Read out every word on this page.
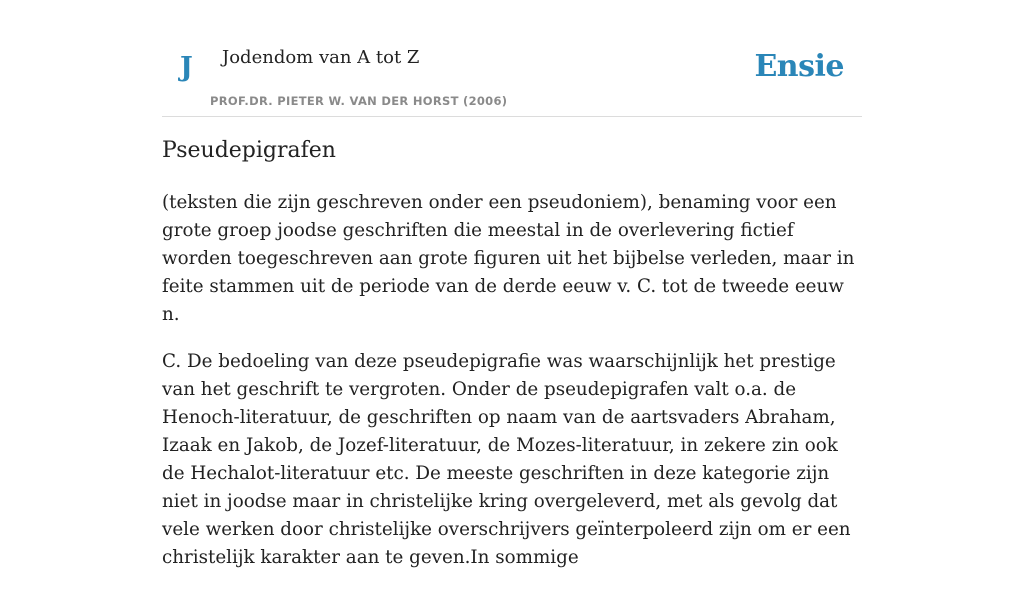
J Jodendom van A tot Z
PROF.DR. PIETER W. VAN DER HORST (2006)
Ensie
Pseudepigrafen

(teksten die zijn geschreven onder een pseudoniem), benaming voor een grote groep joodse geschriften die meestal in de overlevering fictief worden toegeschreven aan grote figuren uit het bijbelse verleden, maar in feite stammen uit de periode van de derde eeuw v. C. tot de tweede eeuw n.

C. De bedoeling van deze pseudepigrafie was waarschijnlijk het prestige van het geschrift te vergroten. Onder de pseudepigrafen valt o.a. de Henoch-literatuur, de geschriften op naam van de aartsvaders Abraham, Izaak en Jakob, de Jozef-literatuur, de Mozes-literatuur, in zekere zin ook de Hechalot-literatuur etc. De meeste geschriften in deze kategorie zijn niet in joodse maar in christelijke kring overgeleverd, met als gevolg dat vele werken door christelijke overschrijvers geïnterpoleerd zijn om er een christelijk karakter aan te geven.In sommige
